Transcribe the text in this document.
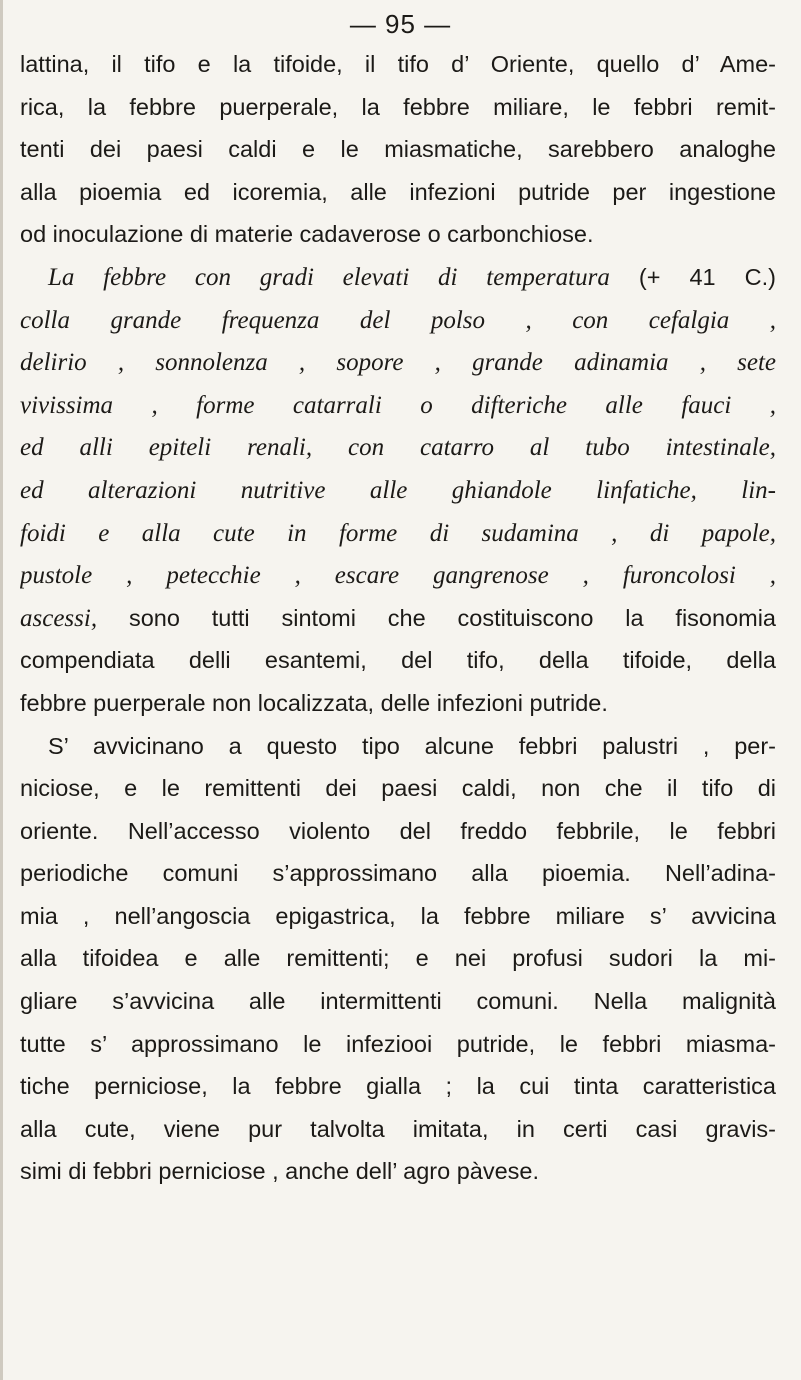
— 95 —
lattina, il tifo e la tifoide, il tifo d’ Oriente, quello d’ Ame-
rica, la febbre puerperale, la febbre miliare, le febbri remit-
tenti dei paesi caldi e le miasmatiche, sarebbero analoghe
alla pioemia ed icoremia, alle infezioni putride per ingestione
od inoculazione di materie cadaverose o carbonchiose.
La febbre con gradi elevati di temperatura (+ 41 C.)
colla grande frequenza del polso , con cefalgia ,
delirio , sonnolenza , sopore , grande adinamia , sete
vivissima , forme catarrali o difteriche alle fauci ,
ed alli epiteli renali, con catarro al tubo intestinale,
ed alterazioni nutritive alle ghiandole linfatiche, lin-
foidi e alla cute in forme di sudamina , di papole,
pustole , petecchie , escare gangrenose , furoncolosi ,
ascessi, sono tutti sintomi che costituiscono la fisonomia
compendiata delli esantemi, del tifo, della tifoide, della
febbre puerperale non localizzata, delle infezioni putride.
S’ avvicinano a questo tipo alcune febbri palustri , per-
niciose, e le remittenti dei paesi caldi, non che il tifo di
oriente. Nell’accesso violento del freddo febbrile, le febbri
periodiche comuni s’approssimano alla pioemia. Nell’adina-
mia , nell’angoscia epigastrica, la febbre miliare s’ avvicina
alla tifoidea e alle remittenti; e nei profusi sudori la mi-
gliare s’avvicina alle intermittenti comuni. Nella malignità
tutte s’ approssimano le infeziooi putride, le febbri miasma-
tiche perniciose, la febbre gialla ; la cui tinta caratteristica
alla cute, viene pur talvolta imitata, in certi casi gravis-
simi di febbri perniciose , anche dell’ agro pàvese.
